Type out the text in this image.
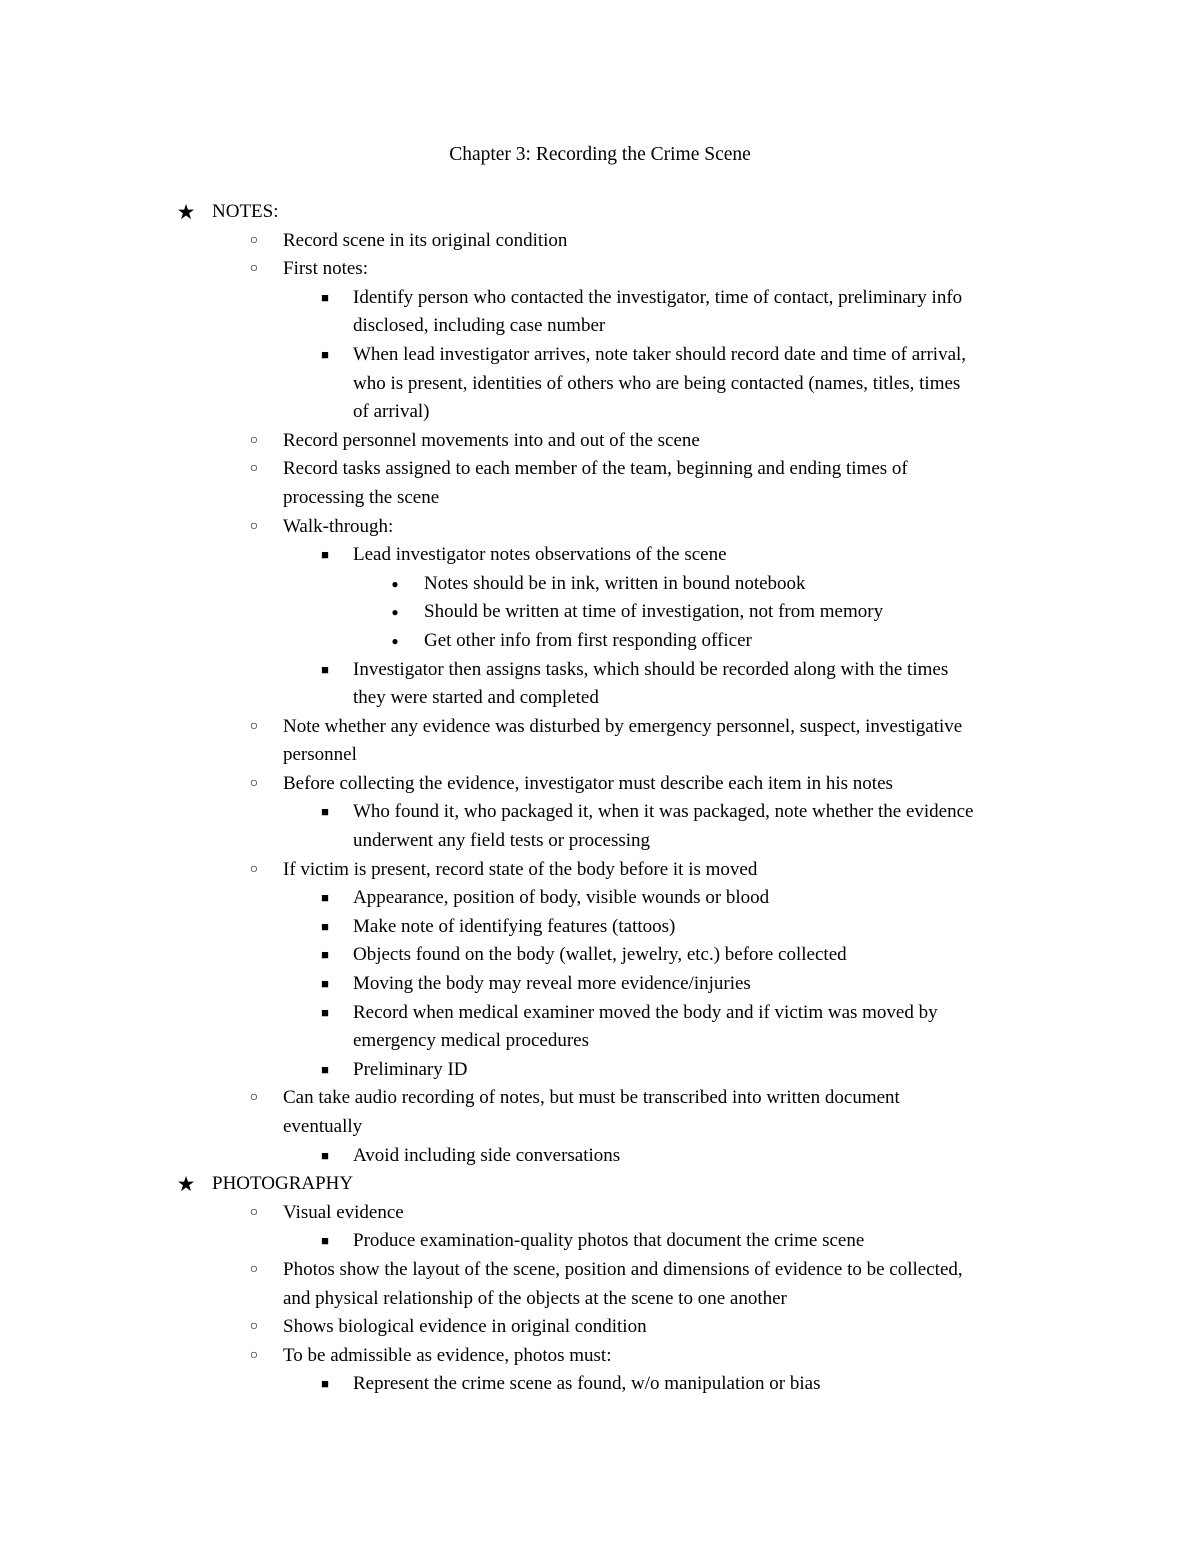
Chapter 3: Recording the Crime Scene
★ NOTES:
○	Record scene in its original condition
○	First notes:
■	Identify person who contacted the investigator, time of contact, preliminary info
disclosed, including case number
■	When lead investigator arrives, note taker should record date and time of arrival,
who is present, identities of others who are being contacted (names, titles, times
of arrival)
○	Record personnel movements into and out of the scene
○	Record tasks assigned to each member of the team, beginning and ending times of
processing the scene
○	Walk-through:
■	Lead investigator notes observations of the scene
●	Notes should be in ink, written in bound notebook
●	Should be written at time of investigation, not from memory
●	Get other info from first responding officer
■	Investigator then assigns tasks, which should be recorded along with the times
they were started and completed
○	Note whether any evidence was disturbed by emergency personnel, suspect, investigative
personnel
○	Before collecting the evidence, investigator must describe each item in his notes
■	Who found it, who packaged it, when it was packaged, note whether the evidence
underwent any field tests or processing
○	If victim is present, record state of the body before it is moved
■	Appearance, position of body, visible wounds or blood
■	Make note of identifying features (tattoos)
■	Objects found on the body (wallet, jewelry, etc.) before collected
■	Moving the body may reveal more evidence/injuries
■	Record when medical examiner moved the body and if victim was moved by
emergency medical procedures
■	Preliminary ID
○	Can take audio recording of notes, but must be transcribed into written document
eventually
■	Avoid including side conversations
★ PHOTOGRAPHY
○	Visual evidence
■	Produce examination-quality photos that document the crime scene
○	Photos show the layout of the scene, position and dimensions of evidence to be collected,
and physical relationship of the objects at the scene to one another
○	Shows biological evidence in original condition
○	To be admissible as evidence, photos must:
■	Represent the crime scene as found, w/o manipulation or bias
